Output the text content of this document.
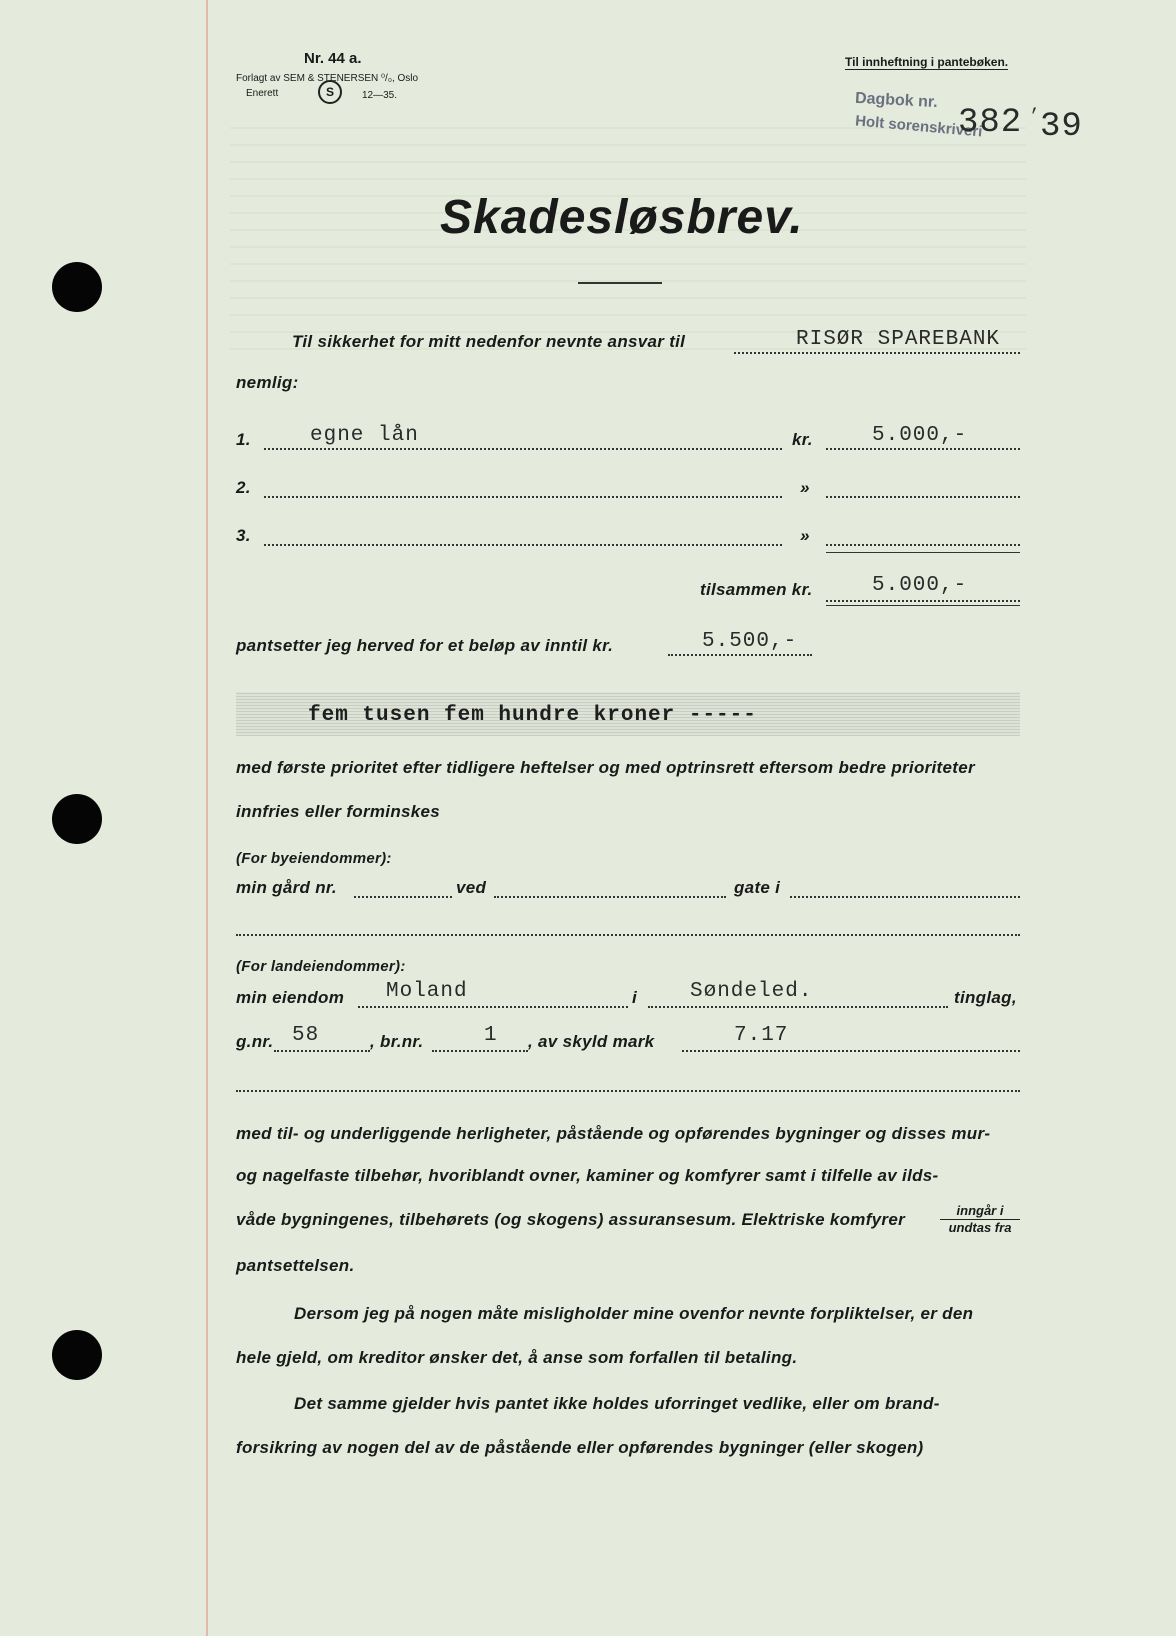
Nr. 44 a.
Forlagt av SEM & STENERSEN ⁰/₀, Oslo
Enerett	S	12—35.
Til innheftning i pantebøken.
Dagbok nr.
Holt sorenskriveri
382 ,
39
Skadesløsbrev.
Til sikkerhet for mitt nedenfor nevnte ansvar til	RISØR SPAREBANK
nemlig:
1.	egne lån	kr.	5.000,-
2.	»
3.	»
tilsammen kr.	5.000,-
pantsetter jeg herved for et beløp av inntil kr.	5.500,-
fem tusen fem hundre kroner -----
med første prioritet efter tidligere heftelser og med optrinsrett eftersom bedre prioriteter
innfries eller forminskes
(For byeiendommer):
min gård nr.	ved	gate i
(For landeiendommer):
min eiendom Moland	i	Søndeled.	tinglag,
g.nr. 58	, br.nr.	1 , av skyld mark	7.17
med til- og underliggende herligheter, påstående og opførendes bygninger og disses mur-
og nagelfaste tilbehør, hvoriblandt ovner, kaminer og komfyrer samt i tilfelle av ilds-
våde bygningenes, tilbehørets (og skogens) assuransesum. Elektriske komfyrer	inngår i
undtas fra
pantsettelsen.
Dersom jeg på nogen måte misligholder mine ovenfor nevnte forpliktelser, er den
hele gjeld, om kreditor ønsker det, å anse som forfallen til betaling.
Det samme gjelder hvis pantet ikke holdes uforringet vedlike, eller om brand-
forsikring av nogen del av de påstående eller opførendes bygninger (eller skogen)
